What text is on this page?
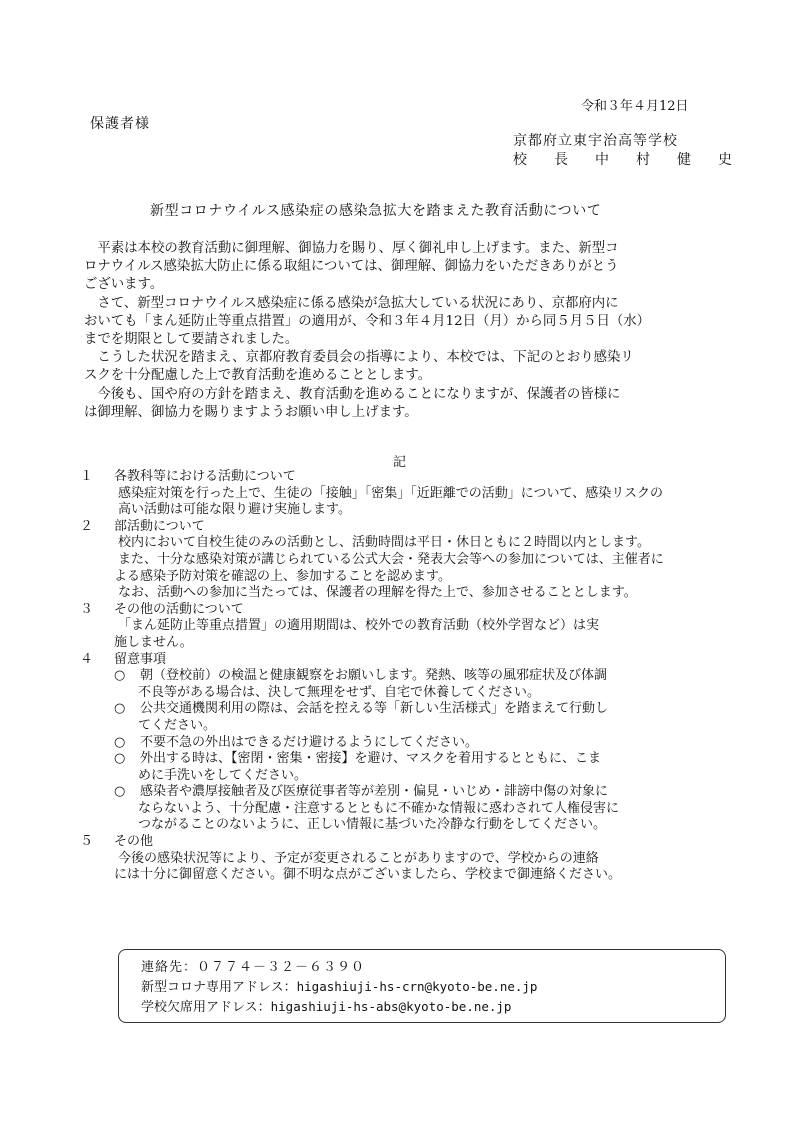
令和３年４月12日
保護者様
京都府立東宇治高等学校
校　長　中　村　健　史
新型コロナウイルス感染症の感染急拡大を踏まえた教育活動について
　平素は本校の教育活動に御理解、御協力を賜り、厚く御礼申し上げます。また、新型コ
ロナウイルス感染拡大防止に係る取組については、御理解、御協力をいただきありがとう
ございます。
　さて、新型コロナウイルス感染症に係る感染が急拡大している状況にあり、京都府内に
おいても「まん延防止等重点措置」の適用が、令和３年４月12日（月）から同５月５日（水）
までを期限として要請されました。
　こうした状況を踏まえ、京都府教育委員会の指導により、本校では、下記のとおり感染リ
スクを十分配慮した上で教育活動を進めることとします。
　今後も、国や府の方針を踏まえ、教育活動を進めることになりますが、保護者の皆様に
は御理解、御協力を賜りますようお願い申し上げます。
記
１ 各教科等における活動について
感染症対策を行った上で、生徒の「接触」「密集」「近距離での活動」について、感染リスクの
高い活動は可能な限り避け実施します。
２ 部活動について
校内において自校生徒のみの活動とし、活動時間は平日・休日ともに２時間以内とします。
また、十分な感染対策が講じられている公式大会・発表大会等への参加については、主催者に
よる感染予防対策を確認の上、参加することを認めます。
なお、活動への参加に当たっては、保護者の理解を得た上で、参加させることとします。
３ その他の活動について
「まん延防止等重点措置」の適用期間は、校外での教育活動（校外学習など）は実
施しません。
４ 留意事項
○ 朝（登校前）の検温と健康観察をお願いします。発熱、咳等の風邪症状及び体調
不良等がある場合は、決して無理をせず、自宅で休養してください。
○ 公共交通機関利用の際は、会話を控える等「新しい生活様式」を踏まえて行動し
てください。
○ 不要不急の外出はできるだけ避けるようにしてください。
○ 外出する時は、【密閉・密集・密接】を避け、マスクを着用するとともに、こま
めに手洗いをしてください。
○ 感染者や濃厚接触者及び医療従事者等が差別・偏見・いじめ・誹謗中傷の対象に
ならないよう、十分配慮・注意するとともに不確かな情報に惑わされて人権侵害に
つながることのないように、正しい情報に基づいた冷静な行動をしてください。
５ その他
今後の感染状況等により、予定が変更されることがありますので、学校からの連絡
には十分に御留意ください。御不明な点がございましたら、学校まで御連絡ください。
連絡先：０７７４－３２－６３９０
新型コロナ専用アドレス：higashiuji-hs-crn@kyoto-be.ne.jp
学校欠席用アドレス：higashiuji-hs-abs@kyoto-be.ne.jp
